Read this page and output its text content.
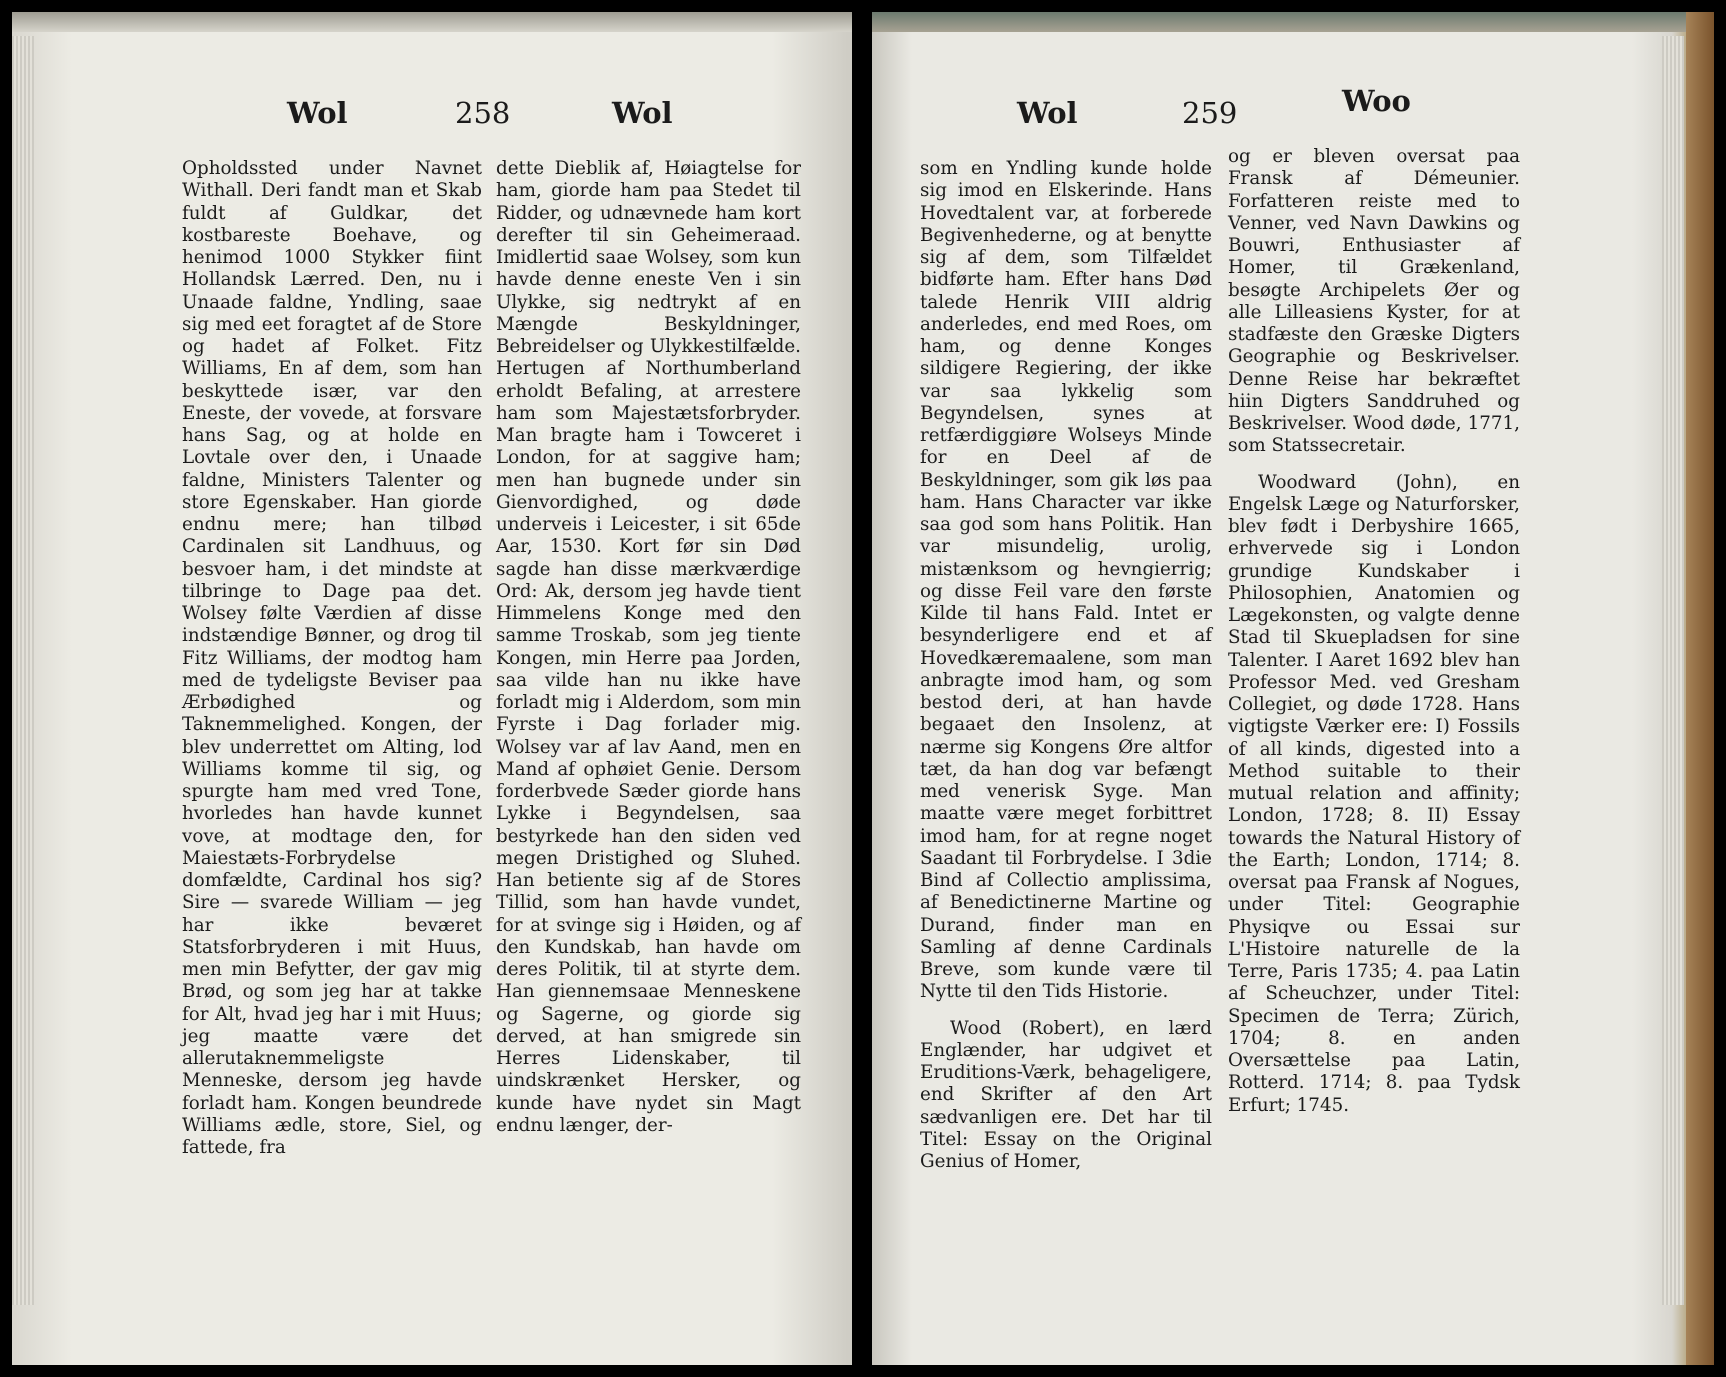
Wol	258	Wol

Opholdssted under Navnet Withall. Deri fandt man et Skab fuldt af Guldkar, det kostbareste Boehave, og henimod 1000 Stykker fiint Hollandsk Lærred. Den, nu i Unaade faldne, Yndling, saae sig med eet foragtet af de Store og hadet af Folket. Fitz Williams, En af dem, som han beskyttede især, var den Eneste, der vovede, at forsvare hans Sag, og at holde en Lovtale over den, i Unaade faldne, Ministers Talenter og store Egenskaber. Han giorde endnu mere; han tilbød Cardinalen sit Landhuus, og besvoer ham, i det mindste at tilbringe to Dage paa det. Wolsey følte Værdien af disse indstændige Bønner, og drog til Fitz Williams, der modtog ham med de tydeligste Beviser paa Ærbødighed og Taknemmelighed. Kongen, der blev underrettet om Alting, lod Williams komme til sig, og spurgte ham med vred Tone, hvorledes han havde kunnet vove, at modtage den, for Maiestæts-Forbrydelse domfældte, Cardinal hos sig? Sire — svarede William — jeg har ikke beværet Statsforbryderen i mit Huus, men min Befytter, der gav mig Brød, og som jeg har at takke for Alt, hvad jeg har i mit Huus; jeg maatte være det allerutaknemmeligste Menneske, dersom jeg havde forladt ham. Kongen beundrede Williams ædle, store, Siel, og fattede, fra

dette Dieblik af, Høiagtelse for ham, giorde ham paa Stedet til Ridder, og udnævnede ham kort derefter til sin Geheimeraad. Imidlertid saae Wolsey, som kun havde denne eneste Ven i sin Ulykke, sig nedtrykt af en Mængde Beskyldninger, Bebreidelser og Ulykkestilfælde. Hertugen af Northumberland erholdt Befaling, at arrestere ham som Majestætsforbryder. Man bragte ham i Towceret i London, for at saggive ham; men han bugnede under sin Gienvordighed, og døde underveis i Leicester, i sit 65de Aar, 1530. Kort før sin Død sagde han disse mærkværdige Ord: Ak, dersom jeg havde tient Himmelens Konge med den samme Troskab, som jeg tiente Kongen, min Herre paa Jorden, saa vilde han nu ikke have forladt mig i Alderdom, som min Fyrste i Dag forlader mig. Wolsey var af lav Aand, men en Mand af ophøiet Genie. Dersom forderbvede Sæder giorde hans Lykke i Begyndelsen, saa bestyrkede han den siden ved megen Dristighed og Sluhed. Han betiente sig af de Stores Tillid, som han havde vundet, for at svinge sig i Høiden, og af den Kundskab, han havde om deres Politik, til at styrte dem. Han giennemsaae Menneskene og Sagerne, og giorde sig derved, at han smigrede sin Herres Lidenskaber, til uindskrænket Hersker, og kunde have nydet sin Magt endnu længer, der-

Wol	259	Woo

som en Yndling kunde holde sig imod en Elskerinde. Hans Hovedtalent var, at forberede Begivenhederne, og at benytte sig af dem, som Tilfældet bidførte ham. Efter hans Død talede Henrik VIII aldrig anderledes, end med Roes, om ham, og denne Konges sildigere Regiering, der ikke var saa lykkelig som Begyndelsen, synes at retfærdiggiøre Wolseys Minde for en Deel af de Beskyldninger, som gik løs paa ham. Hans Character var ikke saa god som hans Politik. Han var misundelig, urolig, mistænksom og hevngierrig; og disse Feil vare den første Kilde til hans Fald. Intet er besynderligere end et af Hovedkæremaalene, som man anbragte imod ham, og som bestod deri, at han havde begaaet den Insolenz, at nærme sig Kongens Øre altfor tæt, da han dog var befængt med venerisk Syge. Man maatte være meget forbittret imod ham, for at regne noget Saadant til Forbrydelse. I 3die Bind af Collectio amplissima, af Benedictinerne Martine og Durand, finder man en Samling af denne Cardinals Breve, som kunde være til Nytte til den Tids Historie.

Wood (Robert), en lærd Englænder, har udgivet et Eruditions-Værk, behageligere, end Skrifter af den Art sædvanligen ere. Det har til Titel: Essay on the Original Genius of Homer,

og er bleven oversat paa Fransk af Démeunier. Forfatteren reiste med to Venner, ved Navn Dawkins og Bouwri, Enthusiaster af Homer, til Grækenland, besøgte Archipelets Øer og alle Lilleasiens Kyster, for at stadfæste den Græske Digters Geographie og Beskrivelser. Denne Reise har bekræftet hiin Digters Sanddruhed og Beskrivelser. Wood døde, 1771, som Statssecretair.

Woodward (John), en Engelsk Læge og Naturforsker, blev født i Derbyshire 1665, erhvervede sig i London grundige Kundskaber i Philosophien, Anatomien og Lægekonsten, og valgte denne Stad til Skuepladsen for sine Talenter. I Aaret 1692 blev han Professor Med. ved Gresham Collegiet, og døde 1728. Hans vigtigste Værker ere: I) Fossils of all kinds, digested into a Method suitable to their mutual relation and affinity; London, 1728; 8. II) Essay towards the Natural History of the Earth; London, 1714; 8. oversat paa Fransk af Nogues, under Titel: Geographie Physiqve ou Essai sur L'Histoire naturelle de la Terre, Paris 1735; 4. paa Latin af Scheuchzer, under Titel: Specimen de Terra; Zürich, 1704; 8. en anden Oversættelse paa Latin, Rotterd. 1714; 8. paa Tydsk Erfurt; 1745.
